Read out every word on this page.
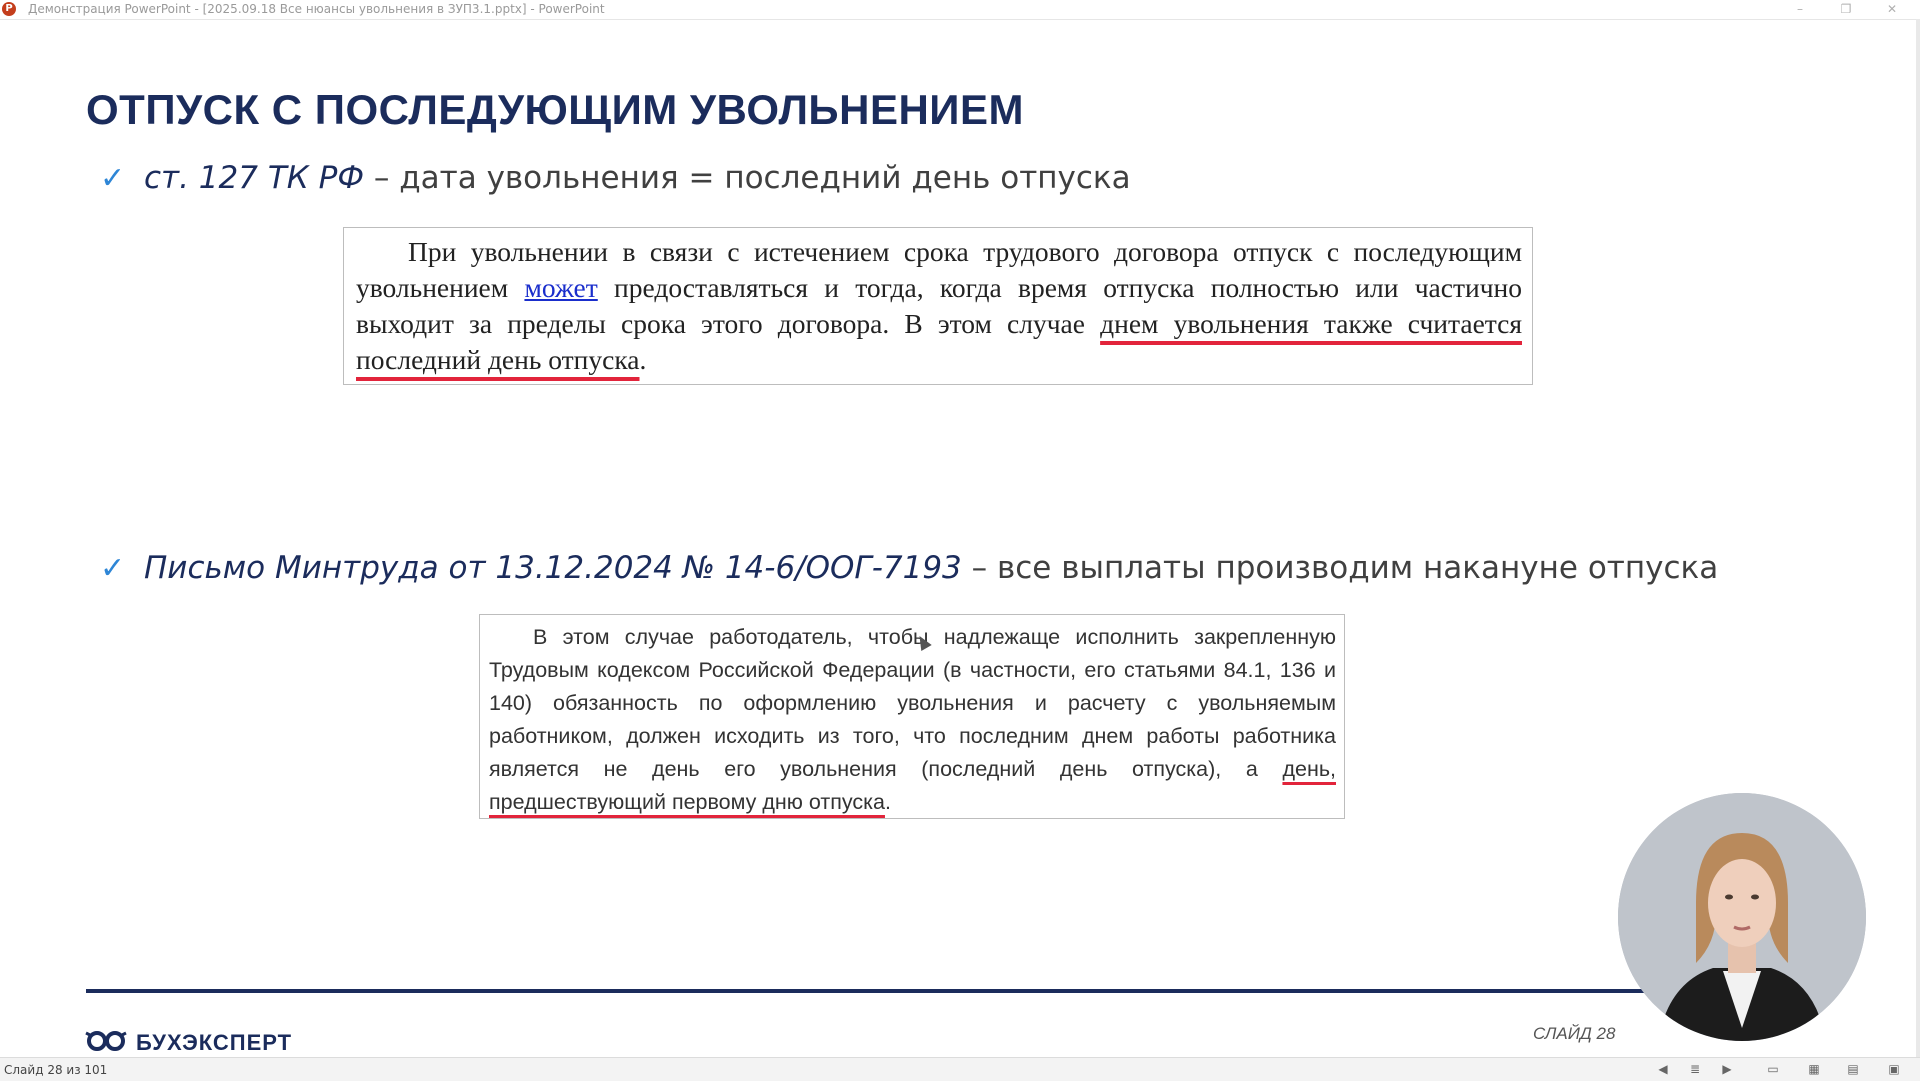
P Демонстрация PowerPoint - [2025.09.18 Все нюансы увольнения в ЗУП3.1.pptx] - PowerPoint	–	❐	✕
ОТПУСК С ПОСЛЕДУЮЩИМ УВОЛЬНЕНИЕМ
✓ ст. 127 ТК РФ – дата увольнения = последний день отпуска
При увольнении в связи с истечением срока трудового договора отпуск с последующим увольнением может предоставляться и тогда, когда время отпуска полностью или частично выходит за пределы срока этого договора. В этом случае днем увольнения также считается последний день отпуска.
✓ Письмо Минтруда от 13.12.2024 № 14-6/ООГ-7193 – все выплаты производим накануне отпуска
В этом случае работодатель, чтобы надлежаще исполнить закрепленную Трудовым кодексом Российской Федерации (в частности, его статьями 84.1, 136 и 140) обязанность по оформлению увольнения и расчету с увольняемым работником, должен исходить из того, что последним днем работы работника является не день его увольнения (последний день отпуска), а день, предшествующий первому дню отпуска.
БУХЭКСПЕРТ	СЛАЙД 28
Слайд 28 из 101	◀ ≣ ▶	▭ ▦ ▤ ▣
